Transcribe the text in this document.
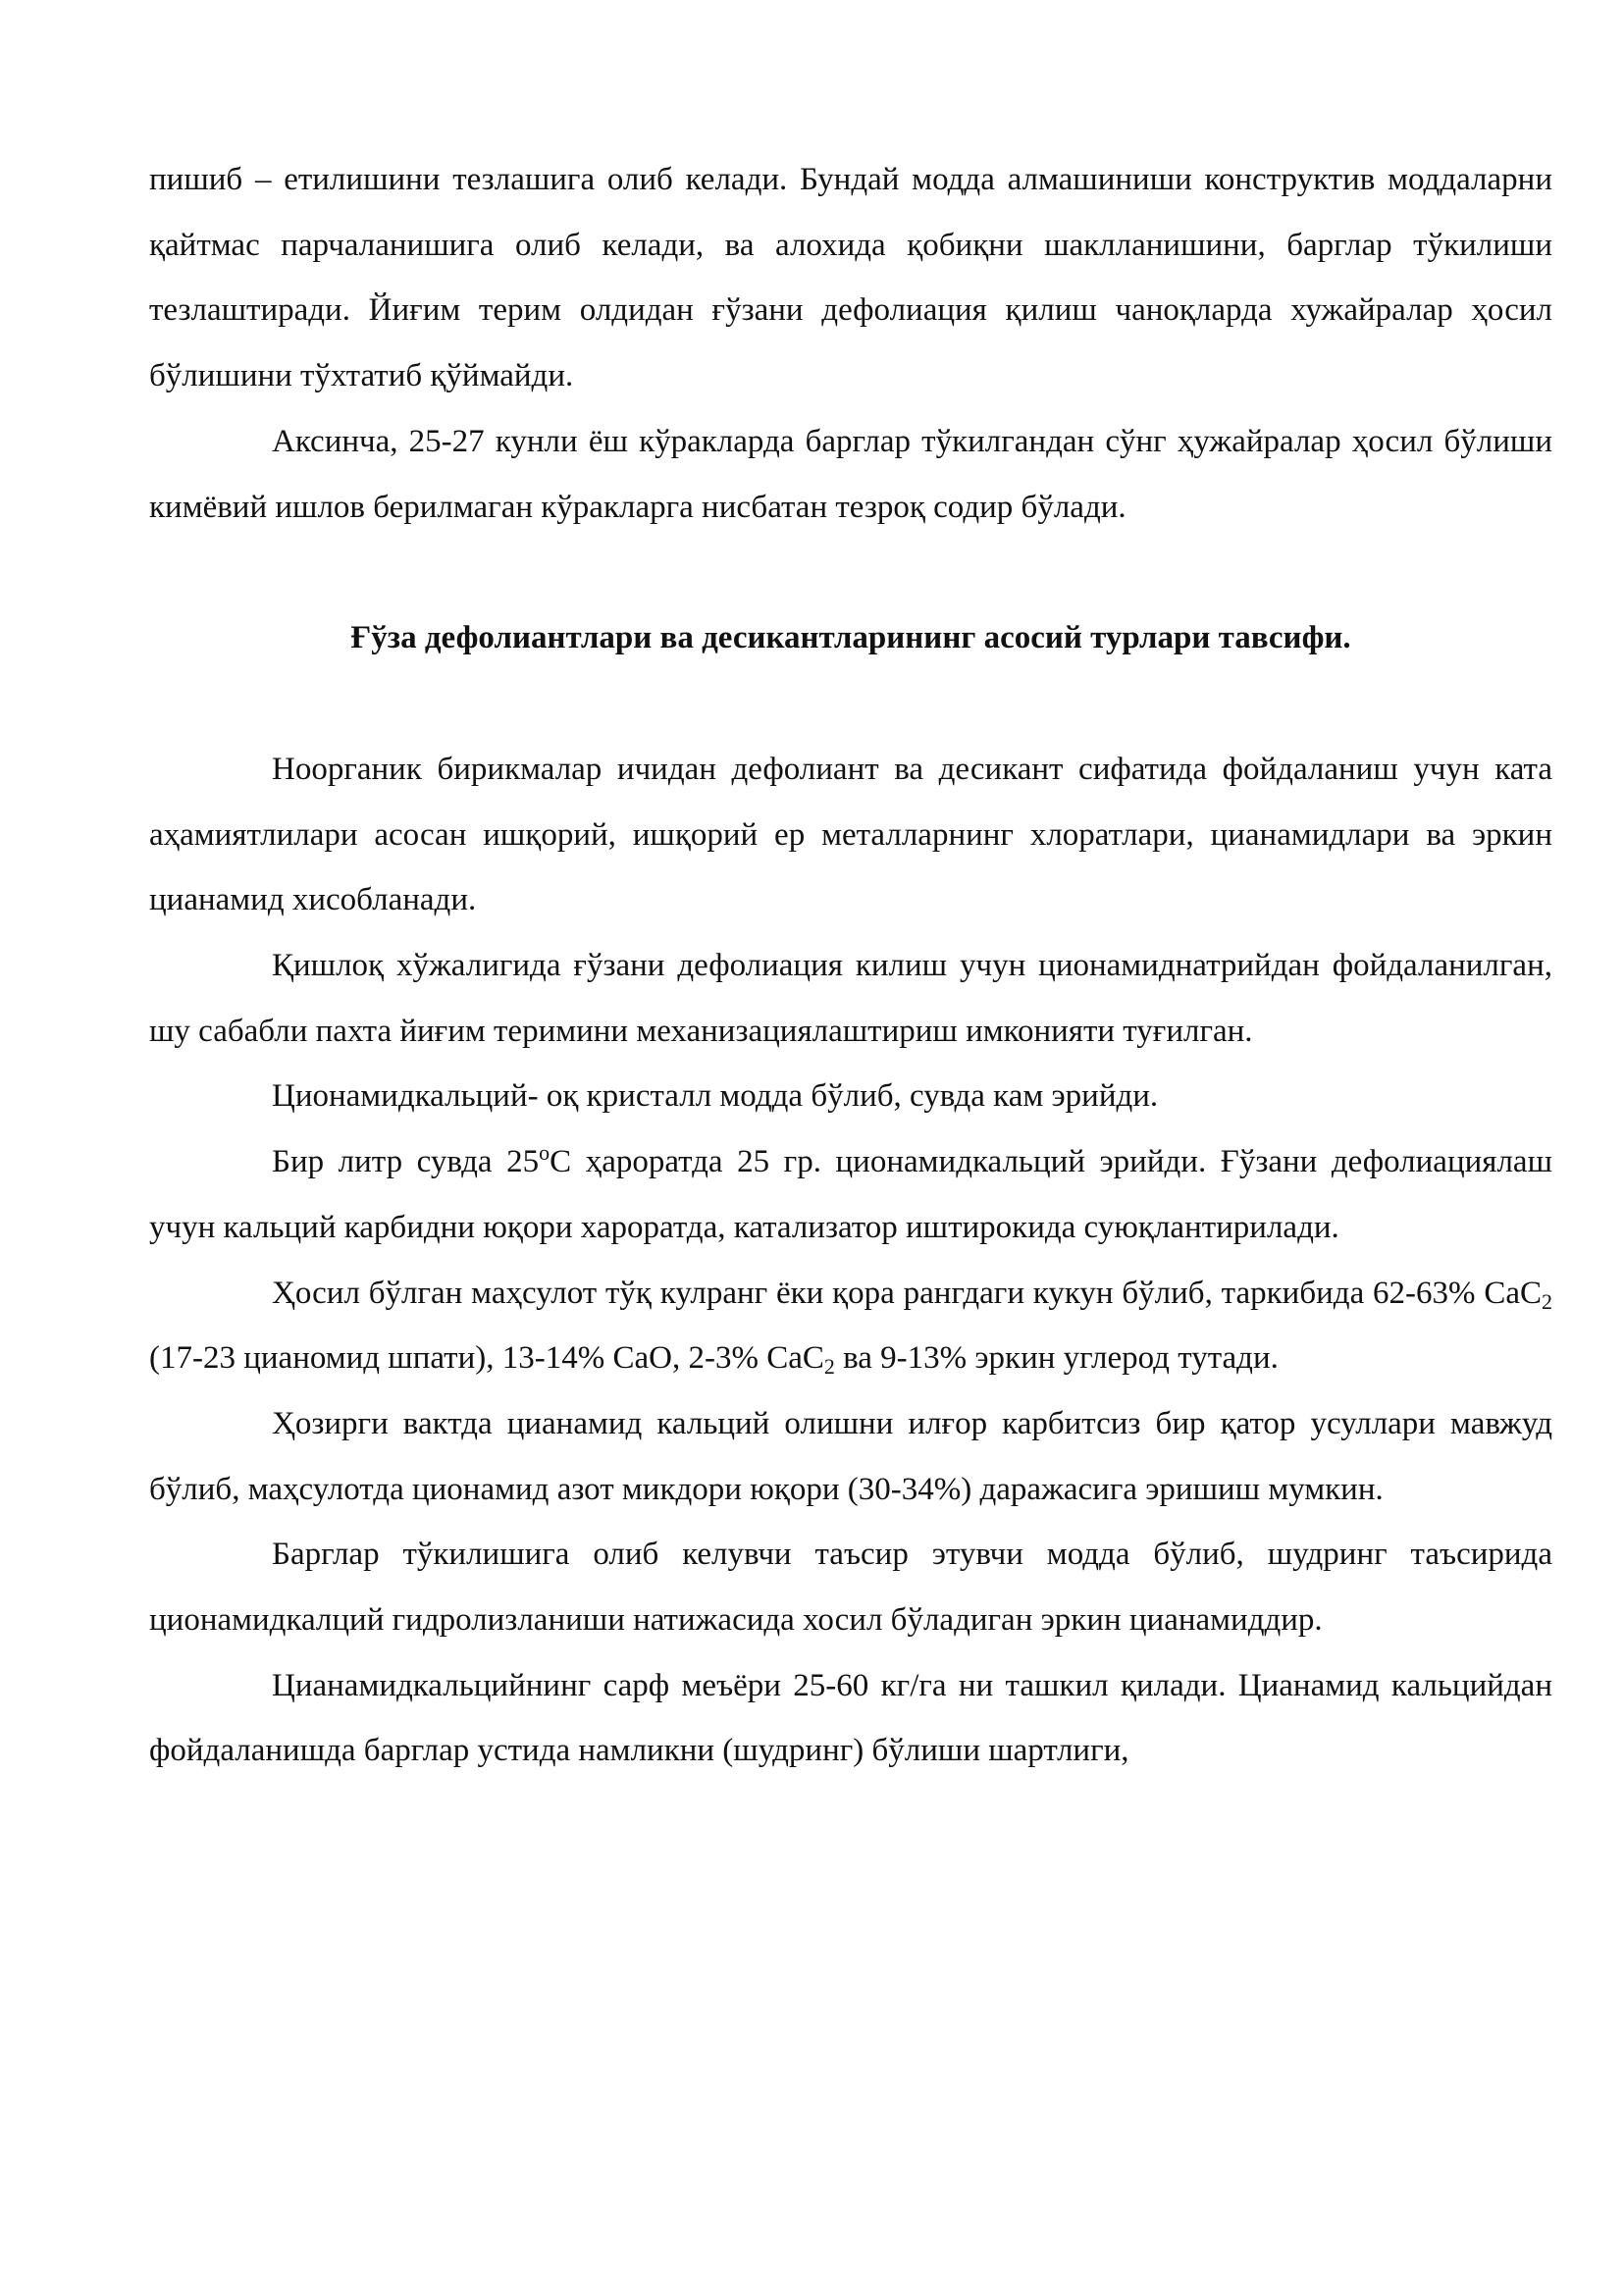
пишиб – етилишини тезлашига олиб келади. Бундай модда алмашиниши конструктив моддаларни қайтмас парчаланишига олиб келади, ва алохида қобиқни шаклланишини, барглар тўкилиши тезлаштиради. Йиғим терим олдидан ғўзани дефолиация қилиш чаноқларда хужайралар ҳосил бўлишини тўхтатиб қўймайди.

Аксинча, 25-27 кунли ёш кўракларда барглар тўкилгандан сўнг ҳужайралар ҳосил бўлиши кимёвий ишлов берилмаган кўракларга нисбатан тезроқ содир бўлади.

Ғўза дефолиантлари ва десикантларининг асосий турлари тавсифи.

Ноорганик бирикмалар ичидан дефолиант ва десикант сифатида фойдаланиш учун ката аҳамиятлилари асосан ишқорий, ишқорий ер металларнинг хлоратлари, цианамидлари ва эркин цианамид хисобланади.

Қишлоқ хўжалигида ғўзани дефолиация килиш учун ционамиднатрийдан фойдаланилган, шу сабабли пахта йиғим теримини механизациялаштириш имконияти туғилган.

Ционамидкальций- оқ кристалл модда бўлиб, сувда кам эрийди.

Бир литр сувда 25$^o$С ҳароратда 25 гр. ционамидкальций эрийди. Ғўзани дефолиациялаш учун кальций карбидни юқори хароратда, катализатор иштирокида суюқлантирилади.

Ҳосил бўлган маҳсулот тўқ кулранг ёки қора рангдаги кукун бўлиб, таркибида 62-63% СаС$_2$ (17-23 цианомид шпати), 13-14% СаО, 2-3% СаС$_2$ ва 9-13% эркин углерод тутади.

Ҳозирги вактда цианамид кальций олишни илғор карбитсиз бир қатор усуллари мавжуд бўлиб, маҳсулотда ционамид азот микдори юқори (30-34%) даражасига эришиш мумкин.

Барглар тўкилишига олиб келувчи таъсир этувчи модда бўлиб, шудринг таъсирида ционамидкалций гидролизланиши натижасида хосил бўладиган эркин цианамиддир.

Цианамидкальцийнинг сарф меъёри 25-60 кг/га ни ташкил қилади. Цианамид кальцийдан фойдаланишда барглар устида намликни (шудринг) бўлиши шартлиги,
